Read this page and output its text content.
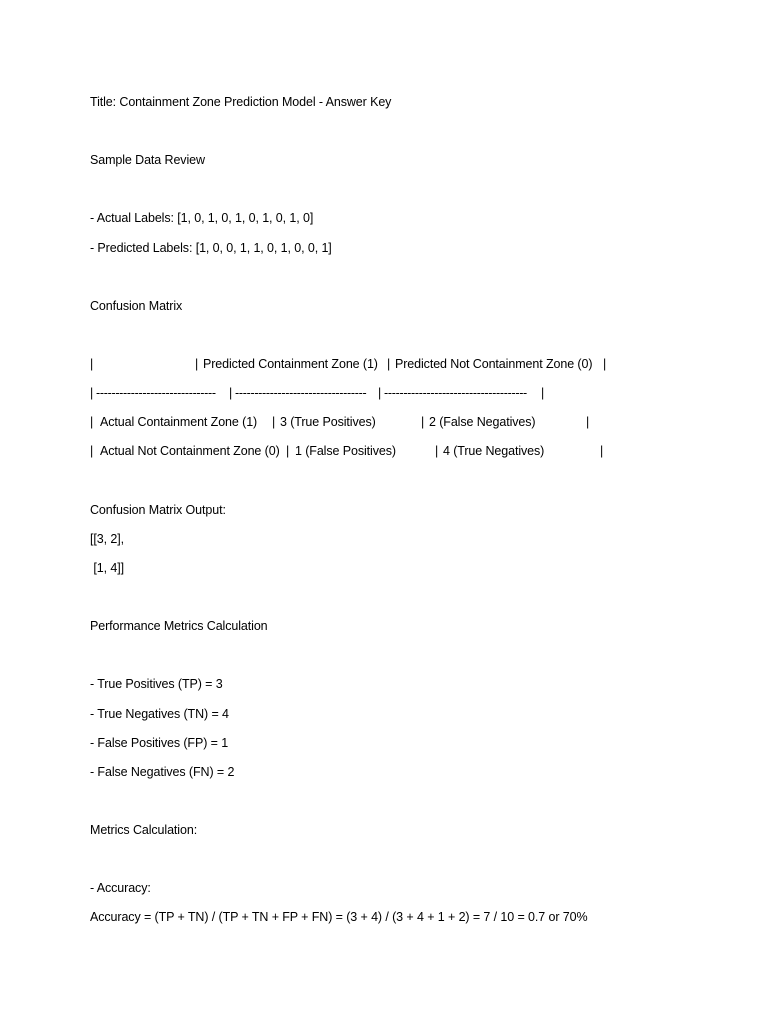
Title: Containment Zone Prediction Model - Answer Key
Sample Data Review
- Actual Labels: [1, 0, 1, 0, 1, 0, 1, 0, 1, 0]
- Predicted Labels: [1, 0, 0, 1, 1, 0, 1, 0, 0, 1]
Confusion Matrix
|	| Predicted Containment Zone (1) | Predicted Not Containment Zone (0) |
| -------------------------------	| ---------------------------------- | -------------------------------------	|
| Actual Containment Zone (1) | 3 (True Positives)	| 2 (False Negatives)	|
| Actual Not Containment Zone (0) | 1 (False Positives)	| 4 (True Negatives)	|
Confusion Matrix Output:
[[3, 2],
[1, 4]]
Performance Metrics Calculation
- True Positives (TP) = 3
- True Negatives (TN) = 4
- False Positives (FP) = 1
- False Negatives (FN) = 2
Metrics Calculation:
- Accuracy:
Accuracy = (TP + TN) / (TP + TN + FP + FN) = (3 + 4) / (3 + 4 + 1 + 2) = 7 / 10 = 0.7 or 70%
